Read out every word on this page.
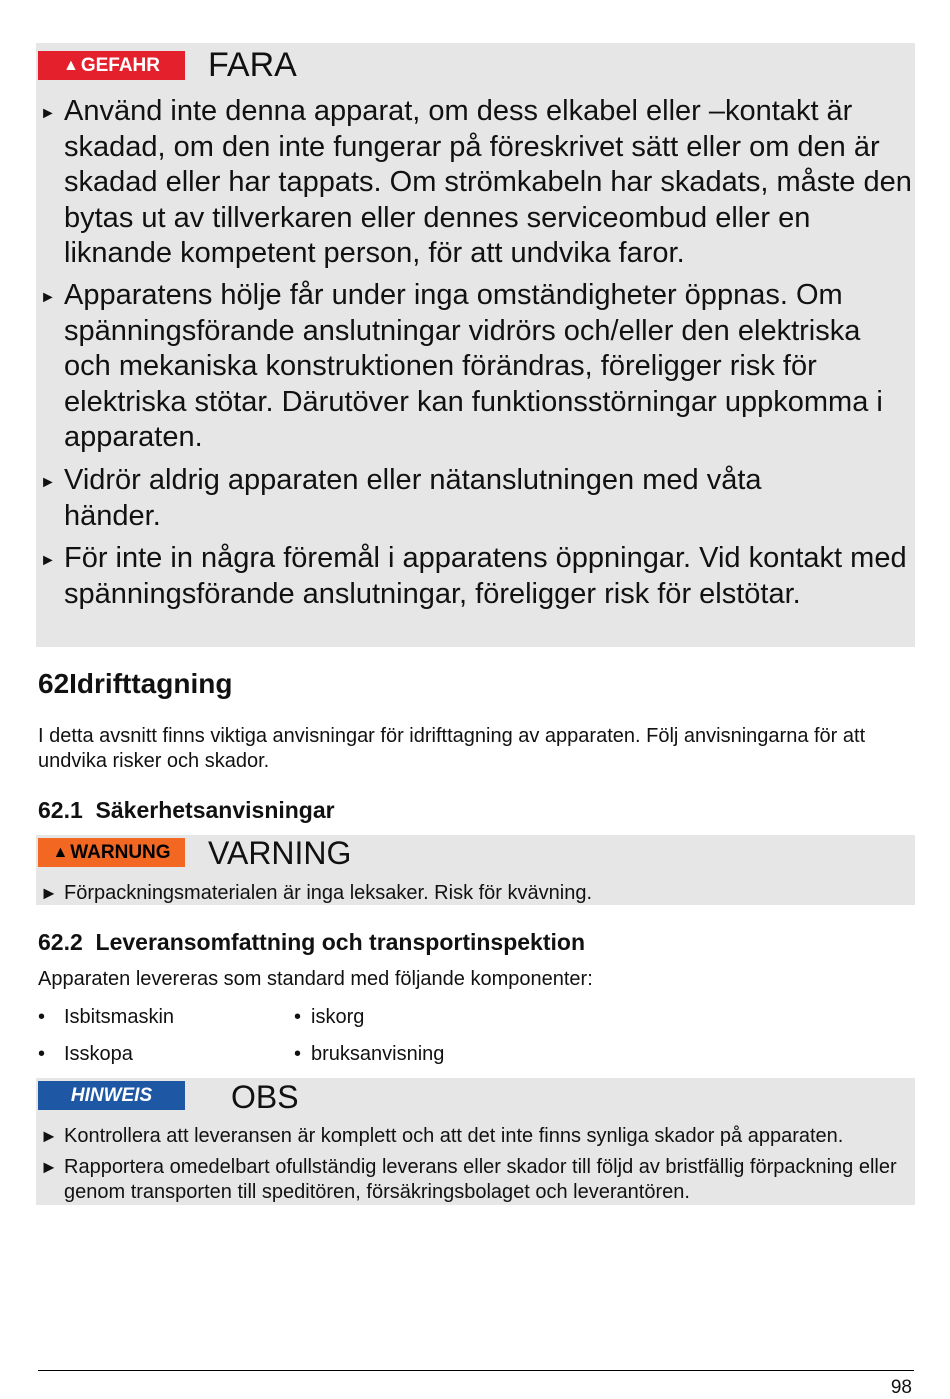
▲ GEFAHR FARA
► Använd inte denna apparat, om dess elkabel eller –kontakt är skadad, om den inte fungerar på föreskrivet sätt eller om den är skadad eller har tappats. Om strömkabeln har skadats, måste den bytas ut av tillverkaren eller dennes serviceombud eller en liknande kompetent person, för att undvika faror.
► Apparatens hölje får under inga omständigheter öppnas. Om spänningsförande anslutningar vidrörs och/eller den elektriska och mekaniska konstruktionen förändras, föreligger risk för elektriska stötar. Därutöver kan funktionsstörningar uppkomma i apparaten.
► Vidrör aldrig apparaten eller nätanslutningen med våta händer.
► För inte in några föremål i apparatens öppningar. Vid kontakt med spänningsförande anslutningar, föreligger risk för elstötar.
62Idrifttagning
I detta avsnitt finns viktiga anvisningar för idrifttagning av apparaten. Följ anvisningarna för att undvika risker och skador.
62.1  Säkerhetsanvisningar
▲ WARNUNG VARNING
► Förpackningsmaterialen är inga leksaker. Risk för kvävning.
62.2  Leveransomfattning och transportinspektion
Apparaten levereras som standard med följande komponenter:
• Isbitsmaskin
• Isskopa
• iskorg
• bruksanvisning
HINWEIS OBS
► Kontrollera att leveransen är komplett och att det inte finns synliga skador på apparaten.
► Rapportera omedelbart ofullständig leverans eller skador till följd av bristfällig förpackning eller genom transporten till speditören, försäkringsbolaget och leverantören.
98
